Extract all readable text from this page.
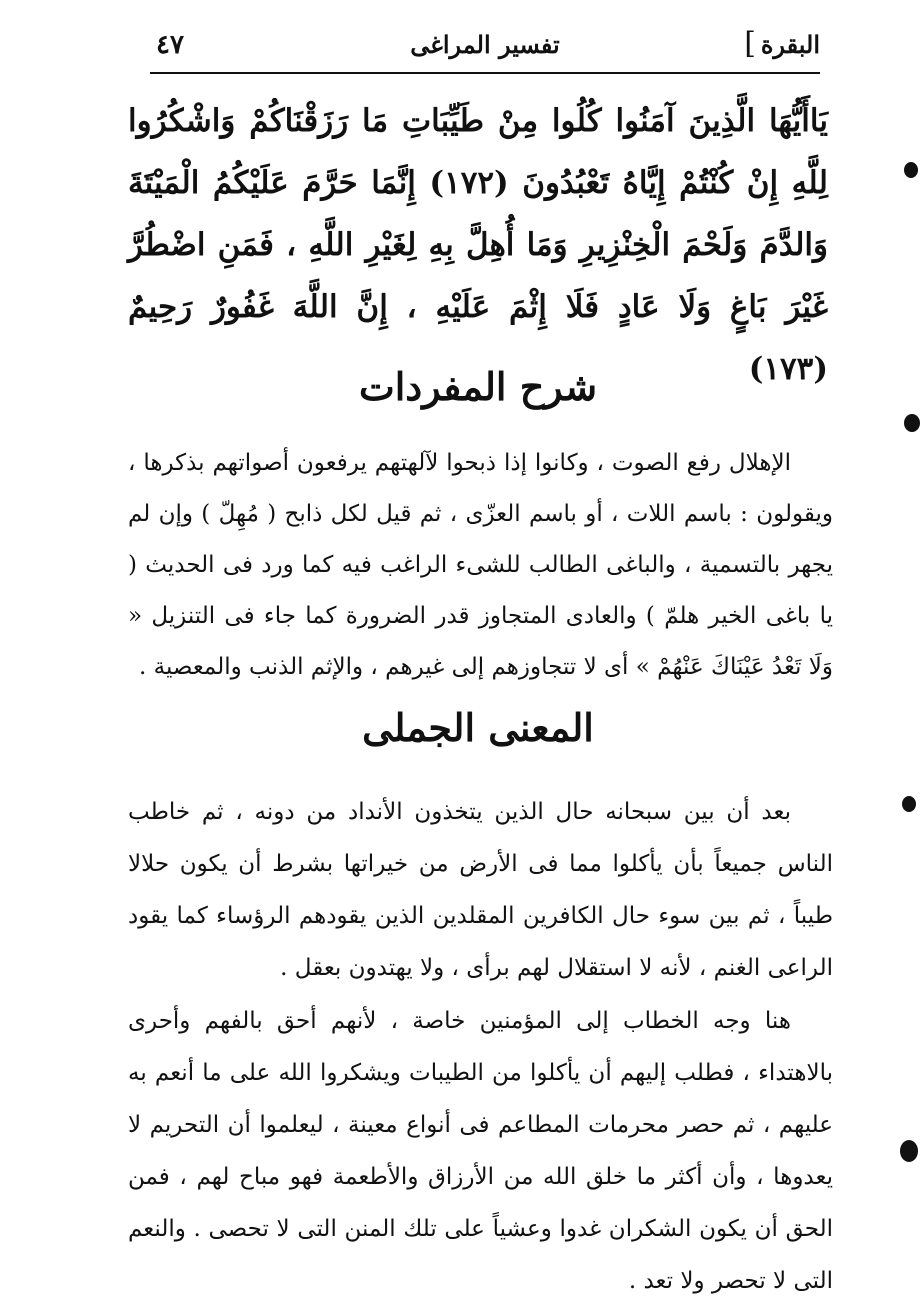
البقرة
]
تفسير المراغى
٤٧
يَاأَيُّهَا الَّذِينَ آمَنُوا كُلُوا مِنْ طَيِّبَاتِ مَا رَزَقْنَاكُمْ وَاشْكُرُوا لِلَّهِ إِنْ كُنْتُمْ إِيَّاهُ تَعْبُدُونَ (١٧٢) إِنَّمَا حَرَّمَ عَلَيْكُمُ الْمَيْتَةَ وَالدَّمَ وَلَحْمَ الْخِنْزِيرِ وَمَا أُهِلَّ بِهِ لِغَيْرِ اللَّهِ ، فَمَنِ اضْطُرَّ غَيْرَ بَاغٍ وَلَا عَادٍ فَلَا إِثْمَ عَلَيْهِ ، إِنَّ اللَّهَ غَفُورٌ رَحِيمٌ (١٧٣)
شرح المفردات
الإهلال رفع الصوت ، وكانوا إذا ذبحوا لآلهتهم يرفعون أصواتهم بذكرها ، ويقولون : باسم اللات ، أو باسم العزّى ، ثم قيل لكل ذابح ( مُهِلّ ) وإن لم يجهر بالتسمية ، والباغى الطالب للشىء الراغب فيه كما ورد فى الحديث ( يا باغى الخير هلمّ ) والعادى المتجاوز قدر الضرورة كما جاء فى التنزيل « وَلَا تَعْدُ عَيْنَاكَ عَنْهُمْ » أى لا تتجاوزهم إلى غيرهم ، والإثم الذنب والمعصية .
المعنى الجملى
بعد أن بين سبحانه حال الذين يتخذون الأنداد من دونه ، ثم خاطب الناس جميعاً بأن يأكلوا مما فى الأرض من خيراتها بشرط أن يكون حلالا طيباً ، ثم بين سوء حال الكافرين المقلدين الذين يقودهم الرؤساء كما يقود الراعى الغنم ، لأنه لا استقلال لهم برأى ، ولا يهتدون بعقل .
هنا وجه الخطاب إلى المؤمنين خاصة ، لأنهم أحق بالفهم وأحرى بالاهتداء ، فطلب إليهم أن يأكلوا من الطيبات ويشكروا الله على ما أنعم به عليهم ، ثم حصر محرمات المطاعم فى أنواع معينة ، ليعلموا أن التحريم لا يعدوها ، وأن أكثر ما خلق الله من الأرزاق والأطعمة فهو مباح لهم ، فمن الحق أن يكون الشكران غدوا وعشياً على تلك المنن التى لا تحصى . والنعم التى لا تحصر ولا تعد .
